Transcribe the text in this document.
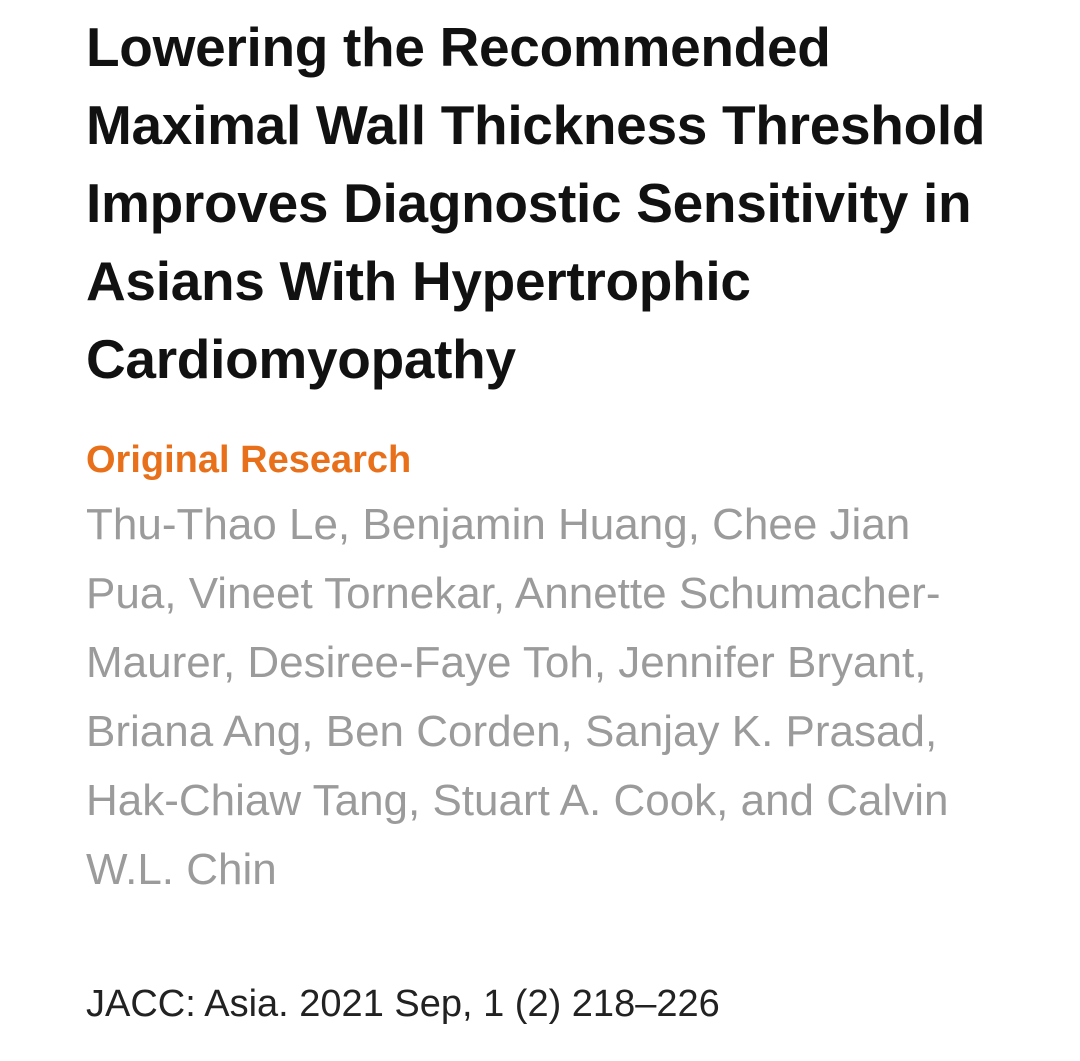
Lowering the Recommended Maximal Wall Thickness Threshold Improves Diagnostic Sensitivity in Asians With Hypertrophic Cardiomyopathy
Original Research

Thu-Thao Le, Benjamin Huang, Chee Jian Pua, Vineet Tornekar, Annette Schumacher-Maurer, Desiree-Faye Toh, Jennifer Bryant, Briana Ang, Ben Corden, Sanjay K. Prasad, Hak-Chiaw Tang, Stuart A. Cook, and Calvin W.L. Chin

JACC: Asia. 2021 Sep, 1 (2) 218–226
